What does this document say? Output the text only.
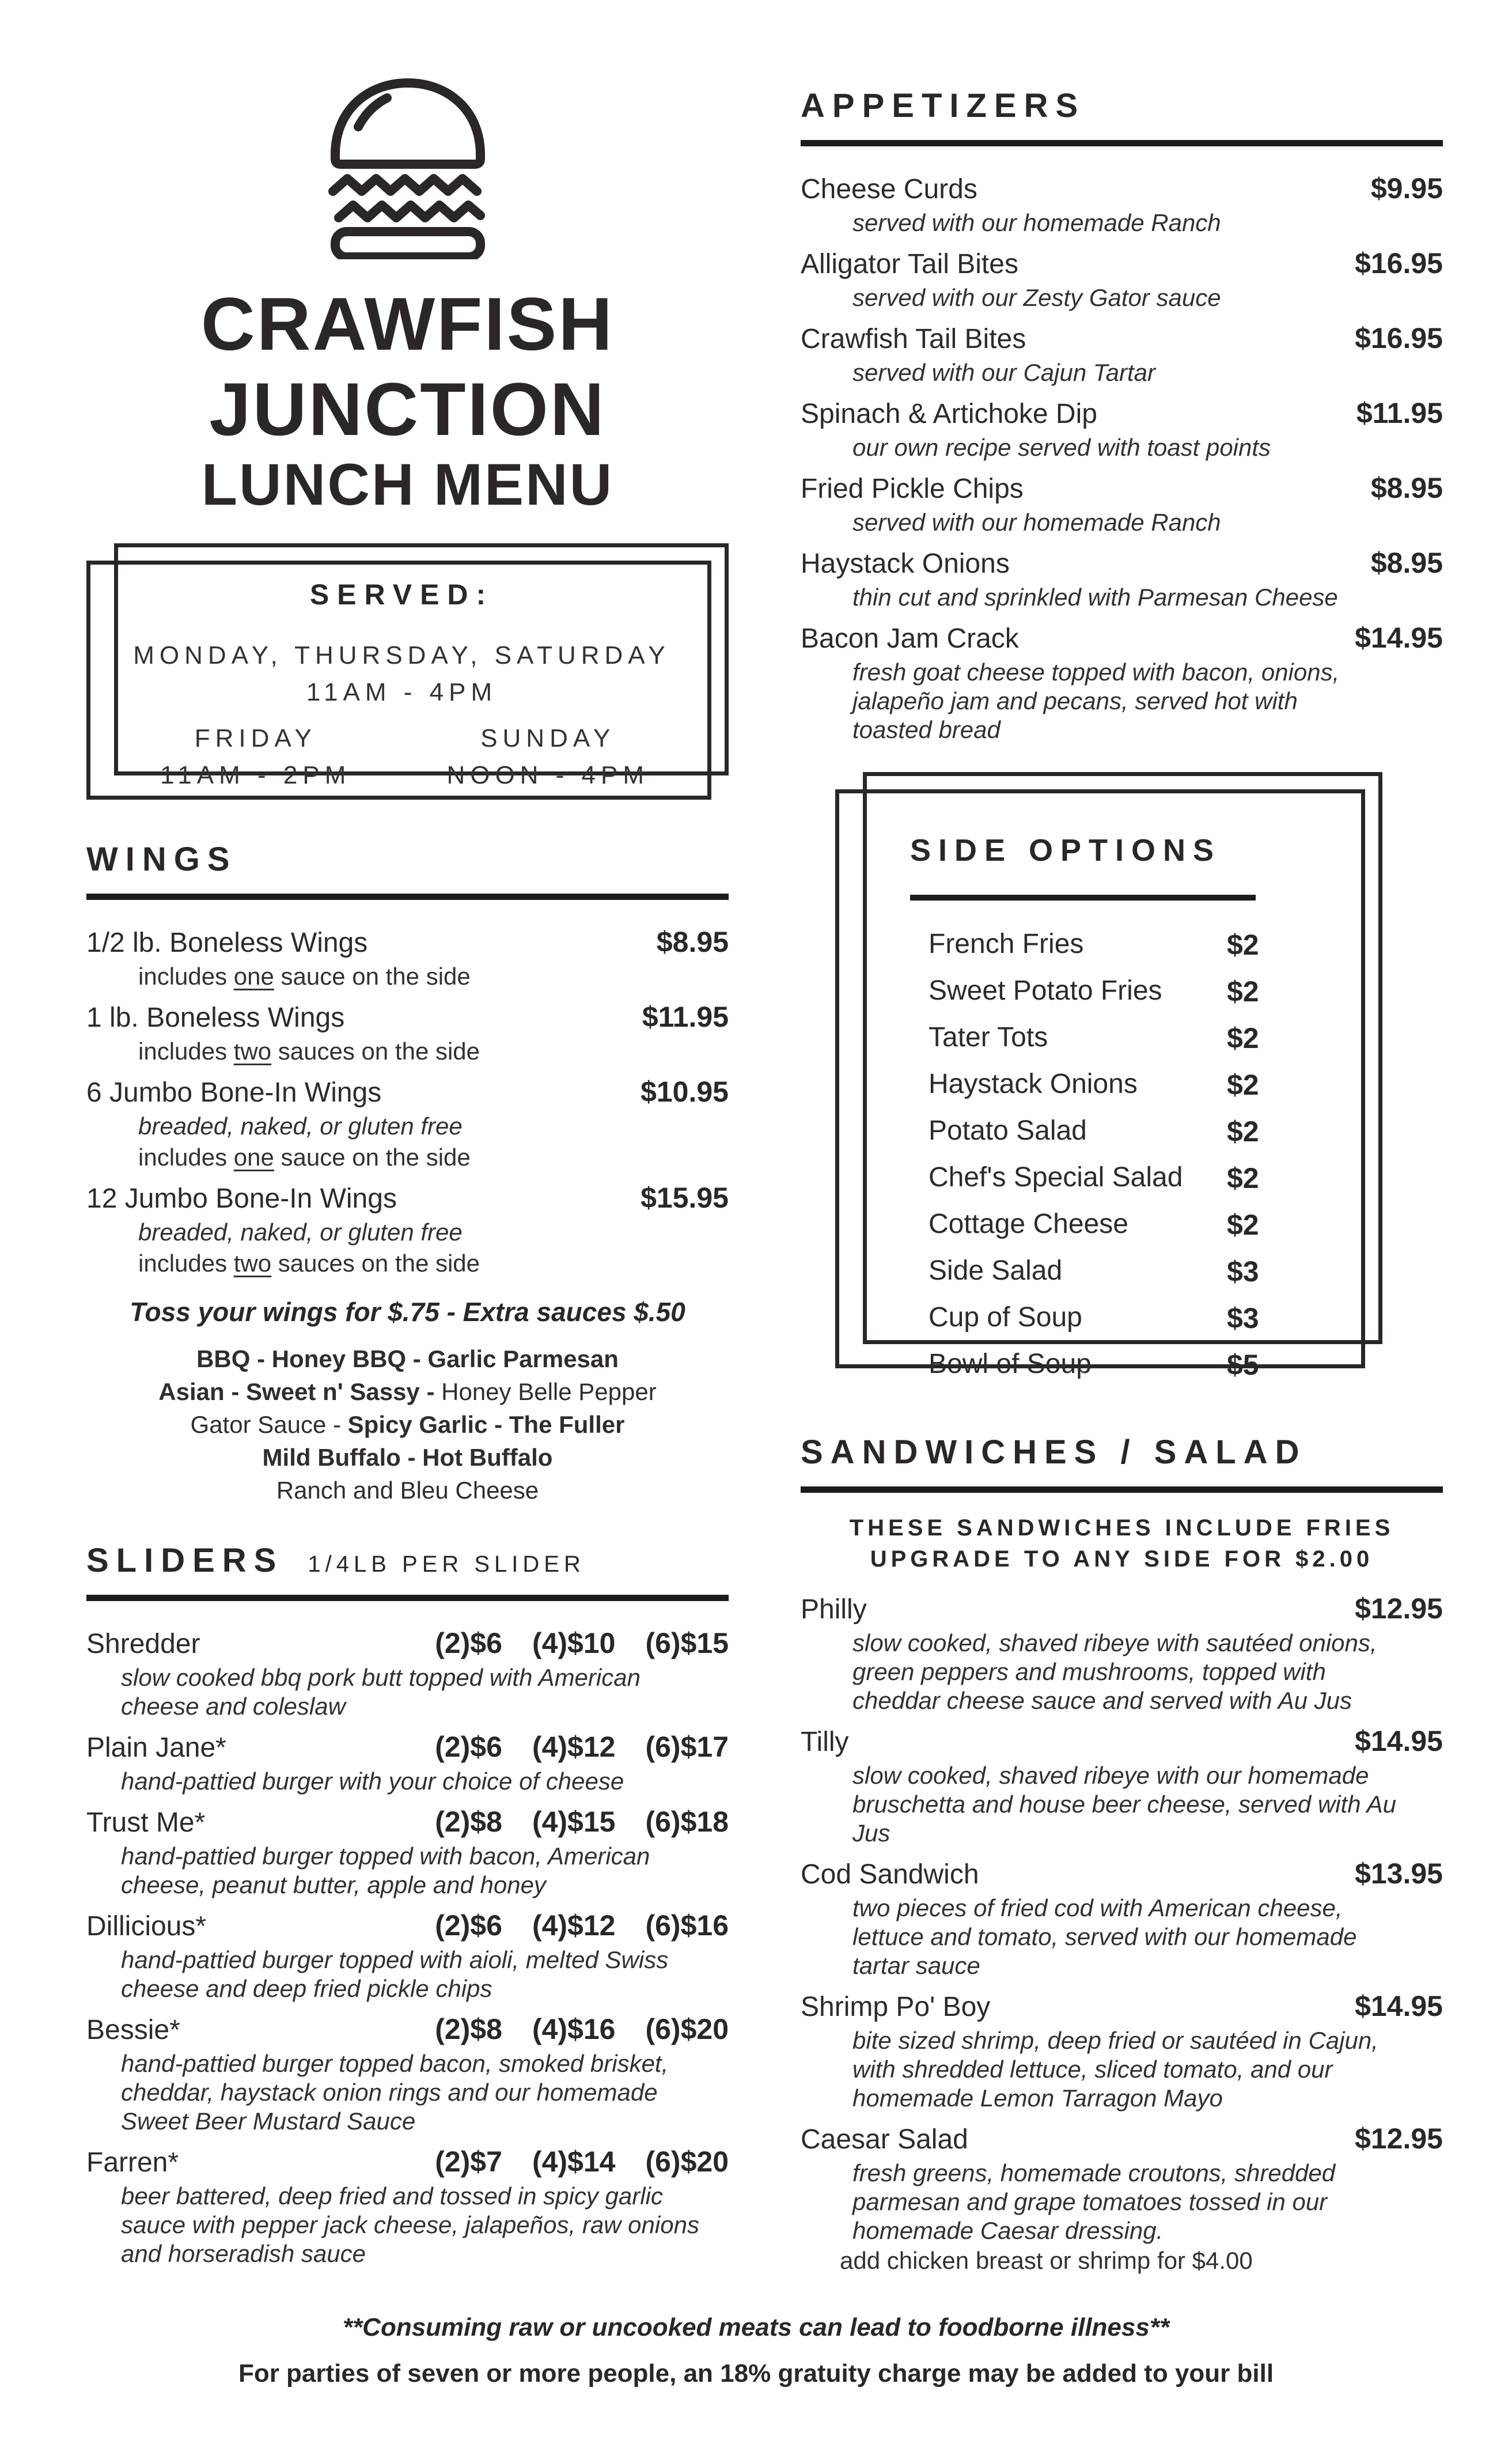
CRAWFISH
JUNCTION
LUNCH MENU
SERVED:
MONDAY, THURSDAY, SATURDAY
11AM - 4PM
FRIDAY	SUNDAY
11AM - 2PM	NOON - 4PM
WINGS
1/2 lb. Boneless Wings	$8.95
includes one sauce on the side
1 lb. Boneless Wings	$11.95
includes two sauces on the side
6 Jumbo Bone-In Wings	$10.95
breaded, naked, or gluten free
includes one sauce on the side
12 Jumbo Bone-In Wings	$15.95
breaded, naked, or gluten free
includes two sauces on the side
Toss your wings for $.75 - Extra sauces $.50
BBQ - Honey BBQ - Garlic Parmesan
Asian - Sweet n' Sassy - Honey Belle Pepper
Gator Sauce - Spicy Garlic - The Fuller
Mild Buffalo - Hot Buffalo
Ranch and Bleu Cheese
SLIDERS 1/4LB PER SLIDER
Shredder	(2)$6 (4)$10 (6)$15
slow cooked bbq pork butt topped with American cheese and coleslaw
Plain Jane*	(2)$6 (4)$12 (6)$17
hand-pattied burger with your choice of cheese
Trust Me*	(2)$8 (4)$15 (6)$18
hand-pattied burger topped with bacon, American cheese, peanut butter, apple and honey
Dillicious*	(2)$6 (4)$12 (6)$16
hand-pattied burger topped with aioli, melted Swiss cheese and deep fried pickle chips
Bessie*	(2)$8 (4)$16 (6)$20
hand-pattied burger topped bacon, smoked brisket, cheddar, haystack onion rings and our homemade Sweet Beer Mustard Sauce
Farren*	(2)$7 (4)$14 (6)$20
beer battered, deep fried and tossed in spicy garlic sauce with pepper jack cheese, jalapeños, raw onions and horseradish sauce
APPETIZERS
Cheese Curds	$9.95
served with our homemade Ranch
Alligator Tail Bites	$16.95
served with our Zesty Gator sauce
Crawfish Tail Bites	$16.95
served with our Cajun Tartar
Spinach & Artichoke Dip	$11.95
our own recipe served with toast points
Fried Pickle Chips	$8.95
served with our homemade Ranch
Haystack Onions	$8.95
thin cut and sprinkled with Parmesan Cheese
Bacon Jam Crack	$14.95
fresh goat cheese topped with bacon, onions, jalapeño jam and pecans, served hot with toasted bread
SIDE OPTIONS
French Fries	$2
Sweet Potato Fries	$2
Tater Tots	$2
Haystack Onions	$2
Potato Salad	$2
Chef's Special Salad	$2
Cottage Cheese	$2
Side Salad	$3
Cup of Soup	$3
Bowl of Soup	$5
SANDWICHES / SALAD
THESE SANDWICHES INCLUDE FRIES
UPGRADE TO ANY SIDE FOR $2.00
Philly	$12.95
slow cooked, shaved ribeye with sautéed onions, green peppers and mushrooms, topped with cheddar cheese sauce and served with Au Jus
Tilly	$14.95
slow cooked, shaved ribeye with our homemade bruschetta and house beer cheese, served with Au Jus
Cod Sandwich	$13.95
two pieces of fried cod with American cheese, lettuce and tomato, served with our homemade tartar sauce
Shrimp Po' Boy	$14.95
bite sized shrimp, deep fried or sautéed in Cajun, with shredded lettuce, sliced tomato, and our homemade Lemon Tarragon Mayo
Caesar Salad	$12.95
fresh greens, homemade croutons, shredded parmesan and grape tomatoes tossed in our homemade Caesar dressing.
add chicken breast or shrimp for $4.00
**Consuming raw or uncooked meats can lead to foodborne illness**
For parties of seven or more people, an 18% gratuity charge may be added to your bill
